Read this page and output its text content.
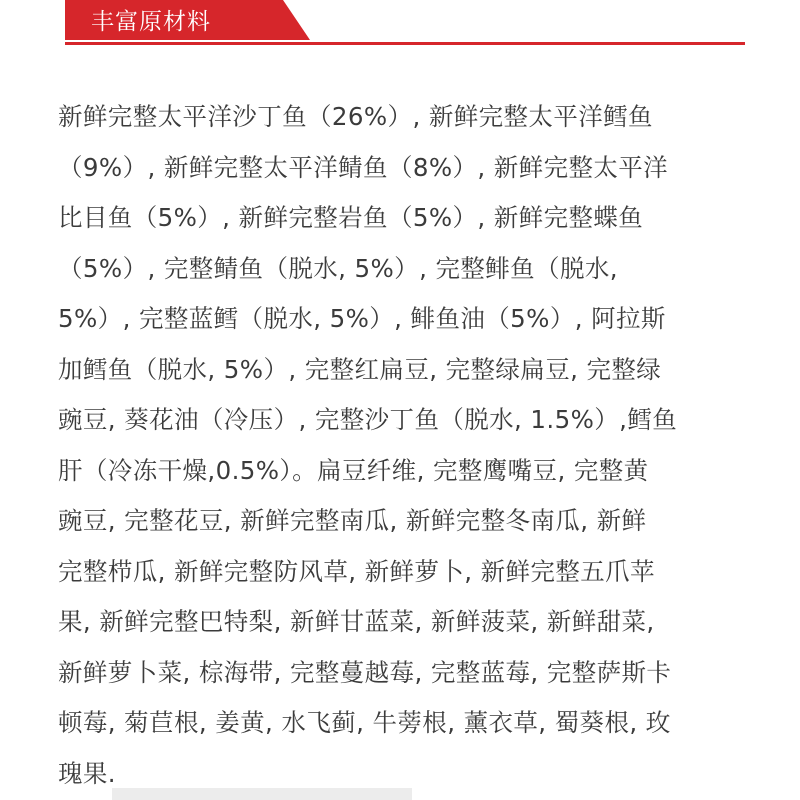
丰富原材料
新鲜完整太平洋沙丁鱼（26%）, 新鲜完整太平洋鳕鱼
（9%）, 新鲜完整太平洋鲭鱼（8%）, 新鲜完整太平洋
比目鱼（5%）, 新鲜完整岩鱼（5%）, 新鲜完整蝶鱼
（5%）, 完整鲭鱼（脱水, 5%）, 完整鲱鱼（脱水,
5%）, 完整蓝鳕（脱水, 5%）, 鲱鱼油（5%）, 阿拉斯
加鳕鱼（脱水, 5%）, 完整红扁豆, 完整绿扁豆, 完整绿
豌豆, 葵花油（冷压）, 完整沙丁鱼（脱水, 1.5%）,鳕鱼
肝（冷冻干燥,0.5%）。扁豆纤维, 完整鹰嘴豆, 完整黄
豌豆, 完整花豆, 新鲜完整南瓜, 新鲜完整冬南瓜, 新鲜
完整栉瓜, 新鲜完整防风草, 新鲜萝卜, 新鲜完整五爪苹
果, 新鲜完整巴特梨, 新鲜甘蓝菜, 新鲜菠菜, 新鲜甜菜,
新鲜萝卜菜, 棕海带, 完整蔓越莓, 完整蓝莓, 完整萨斯卡
顿莓, 菊苣根, 姜黄, 水飞蓟, 牛蒡根, 薰衣草, 蜀葵根, 玫
瑰果.
